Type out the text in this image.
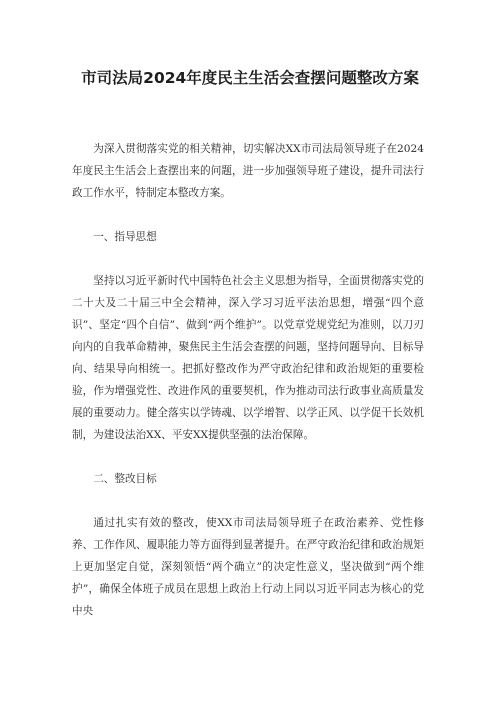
市司法局2024年度民主生活会查摆问题整改方案

为深入贯彻落实党的相关精神，切实解决XX市司法局领导班子在2024年度民主生活会上查摆出来的问题，进一步加强领导班子建设，提升司法行政工作水平，特制定本整改方案。

一、指导思想

坚持以习近平新时代中国特色社会主义思想为指导，全面贯彻落实党的二十大及二十届三中全会精神，深入学习习近平法治思想，增强“四个意识”、坚定“四个自信”、做到“两个维护”。以党章党规党纪为准则，以刀刃向内的自我革命精神，聚焦民主生活会查摆的问题，坚持问题导向、目标导向、结果导向相统一。把抓好整改作为严守政治纪律和政治规矩的重要检验，作为增强党性、改进作风的重要契机，作为推动司法行政事业高质量发展的重要动力。健全落实以学铸魂、以学增智、以学正风、以学促干长效机制，为建设法治XX、平安XX提供坚强的法治保障。

二、整改目标

通过扎实有效的整改，使XX市司法局领导班子在政治素养、党性修养、工作作风、履职能力等方面得到显著提升。在严守政治纪律和政治规矩上更加坚定自觉，深刻领悟“两个确立”的决定性意义，坚决做到“两个维护”，确保全体班子成员在思想上政治上行动上同以习近平同志为核心的党中央
